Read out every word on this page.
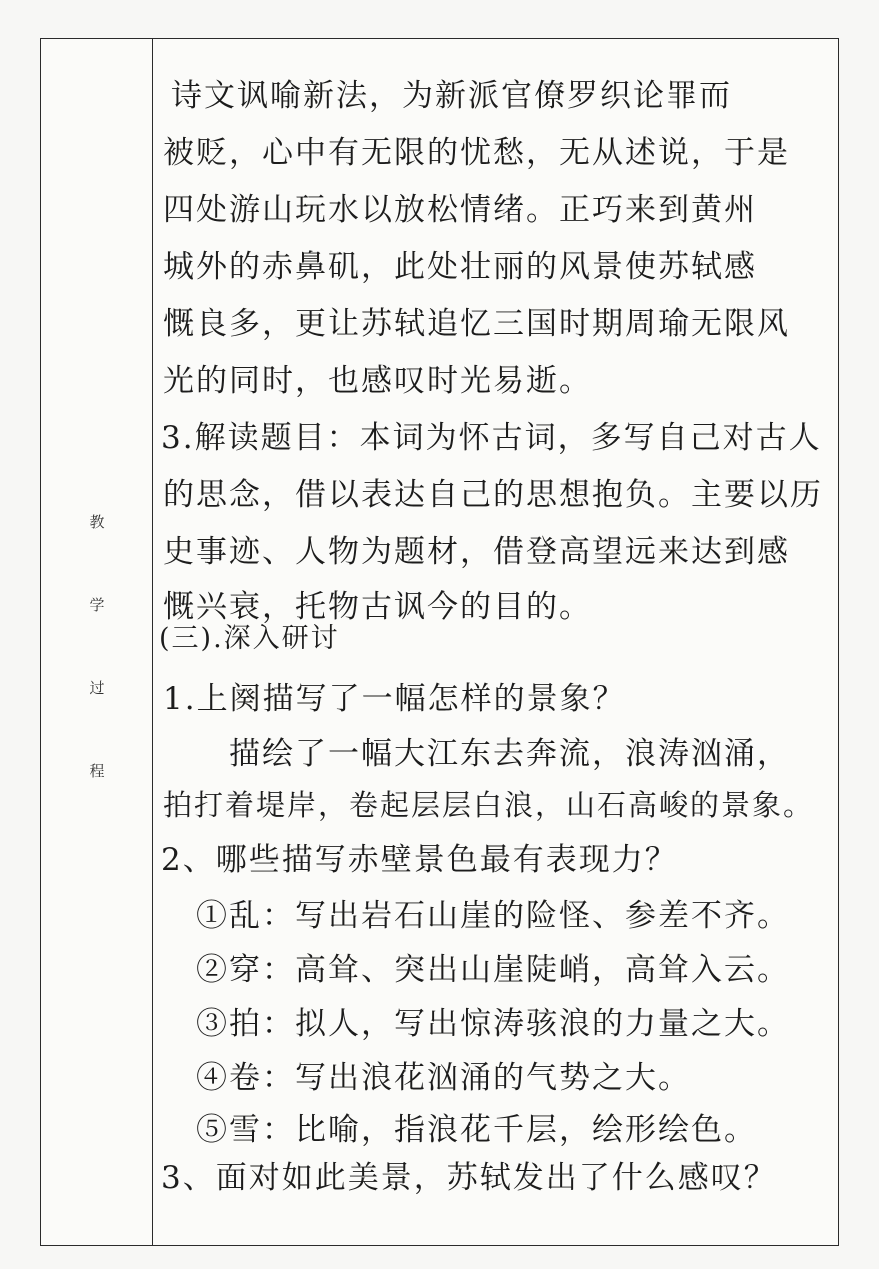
教
学
过
程
诗文讽喻新法，为新派官僚罗织论罪而
被贬，心中有无限的忧愁，无从述说，于是
四处游山玩水以放松情绪。正巧来到黄州
城外的赤鼻矶，此处壮丽的风景使苏轼感
慨良多，更让苏轼追忆三国时期周瑜无限风
光的同时，也感叹时光易逝。
3.解读题目：本词为怀古词，多写自己对古人
的思念，借以表达自己的思想抱负。主要以历
史事迹、人物为题材，借登高望远来达到感
慨兴衰，托物古讽今的目的。
(三).深入研讨
1.上阕描写了一幅怎样的景象？
　　描绘了一幅大江东去奔流，浪涛汹涌，
拍打着堤岸，卷起层层白浪，山石高峻的景象。
2、哪些描写赤壁景色最有表现力？
　①乱：写出岩石山崖的险怪、参差不齐。
　②穿：高耸、突出山崖陡峭，高耸入云。
　③拍：拟人，写出惊涛骇浪的力量之大。
　④卷：写出浪花汹涌的气势之大。
　⑤雪：比喻，指浪花千层，绘形绘色。
3、面对如此美景，苏轼发出了什么感叹？
